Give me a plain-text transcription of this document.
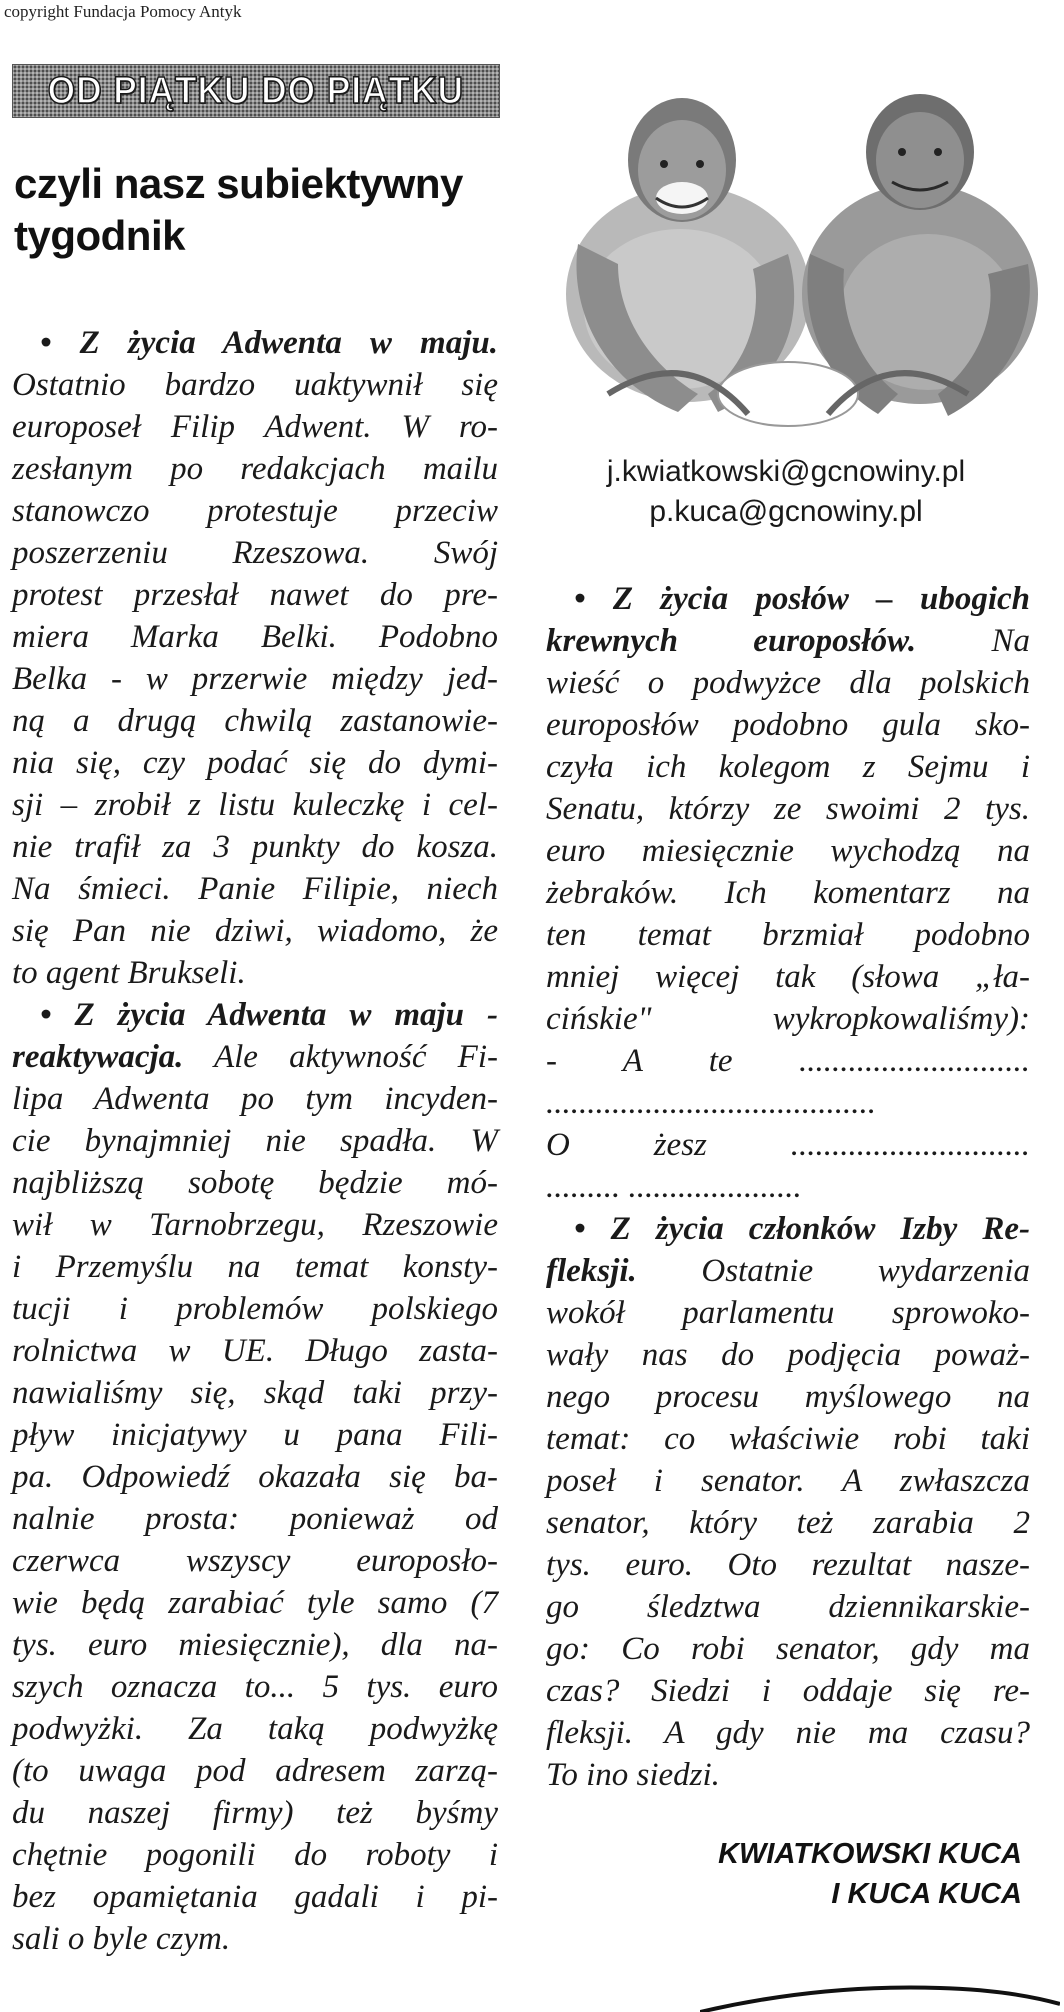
copyright Fundacja Pomocy Antyk
OD PIĄTKU DO PIĄTKU
czyli nasz subiektywny
tygodnik
j.kwiatkowski@gcnowiny.pl
p.kuca@gcnowiny.pl
• Z życia Adwenta w maju.
Ostatnio bardzo uaktywnił się
europoseł Filip Adwent. W ro-
zesłanym po redakcjach mailu
stanowczo protestuje przeciw
poszerzeniu Rzeszowa. Swój
protest przesłał nawet do pre-
miera Marka Belki. Podobno
Belka - w przerwie między jed-
ną a drugą chwilą zastanowie-
nia się, czy podać się do dymi-
sji – zrobił z listu kuleczkę i cel-
nie trafił za 3 punkty do kosza.
Na śmieci. Panie Filipie, niech
się Pan nie dziwi, wiadomo, że
to agent Brukseli.
• Z życia Adwenta w maju -
reaktywacja. Ale aktywność Fi-
lipa Adwenta po tym incyden-
cie bynajmniej nie spadła. W
najbliższą sobotę będzie mó-
wił w Tarnobrzegu, Rzeszowie
i Przemyślu na temat konsty-
tucji i problemów polskiego
rolnictwa w UE. Długo zasta-
nawialiśmy się, skąd taki przy-
pływ inicjatywy u pana Fili-
pa. Odpowiedź okazała się ba-
nalnie prosta: ponieważ od
czerwca wszyscy europosło-
wie będą zarabiać tyle samo (7
tys. euro miesięcznie), dla na-
szych oznacza to... 5 tys. euro
podwyżki. Za taką podwyżkę
(to uwaga pod adresem zarzą-
du naszej firmy) też byśmy
chętnie pogonili do roboty i
bez opamiętania gadali i pi-
sali o byle czym.
• Z życia posłów – ubogich
krewnych europosłów. Na
wieść o podwyżce dla polskich
europosłów podobno gula sko-
czyła ich kolegom z Sejmu i
Senatu, którzy ze swoimi 2 tys.
euro miesięcznie wychodzą na
żebraków. Ich komentarz na
ten temat brzmiał podobno
mniej więcej tak (słowa „ła-
cińskie" wykropkowaliśmy):
- A te ............................
........................................
O żesz .............................
......... .....................
• Z życia członków Izby Re-
fleksji. Ostatnie wydarzenia
wokół parlamentu sprowoko-
wały nas do podjęcia poważ-
nego procesu myślowego na
temat: co właściwie robi taki
poseł i senator. A zwłaszcza
senator, który też zarabia 2
tys. euro. Oto rezultat nasze-
go śledztwa dziennikarskie-
go: Co robi senator, gdy ma
czas? Siedzi i oddaje się re-
fleksji. A gdy nie ma czasu?
To ino siedzi.
KWIATKOWSKI KUCA
I KUCA KUCA
